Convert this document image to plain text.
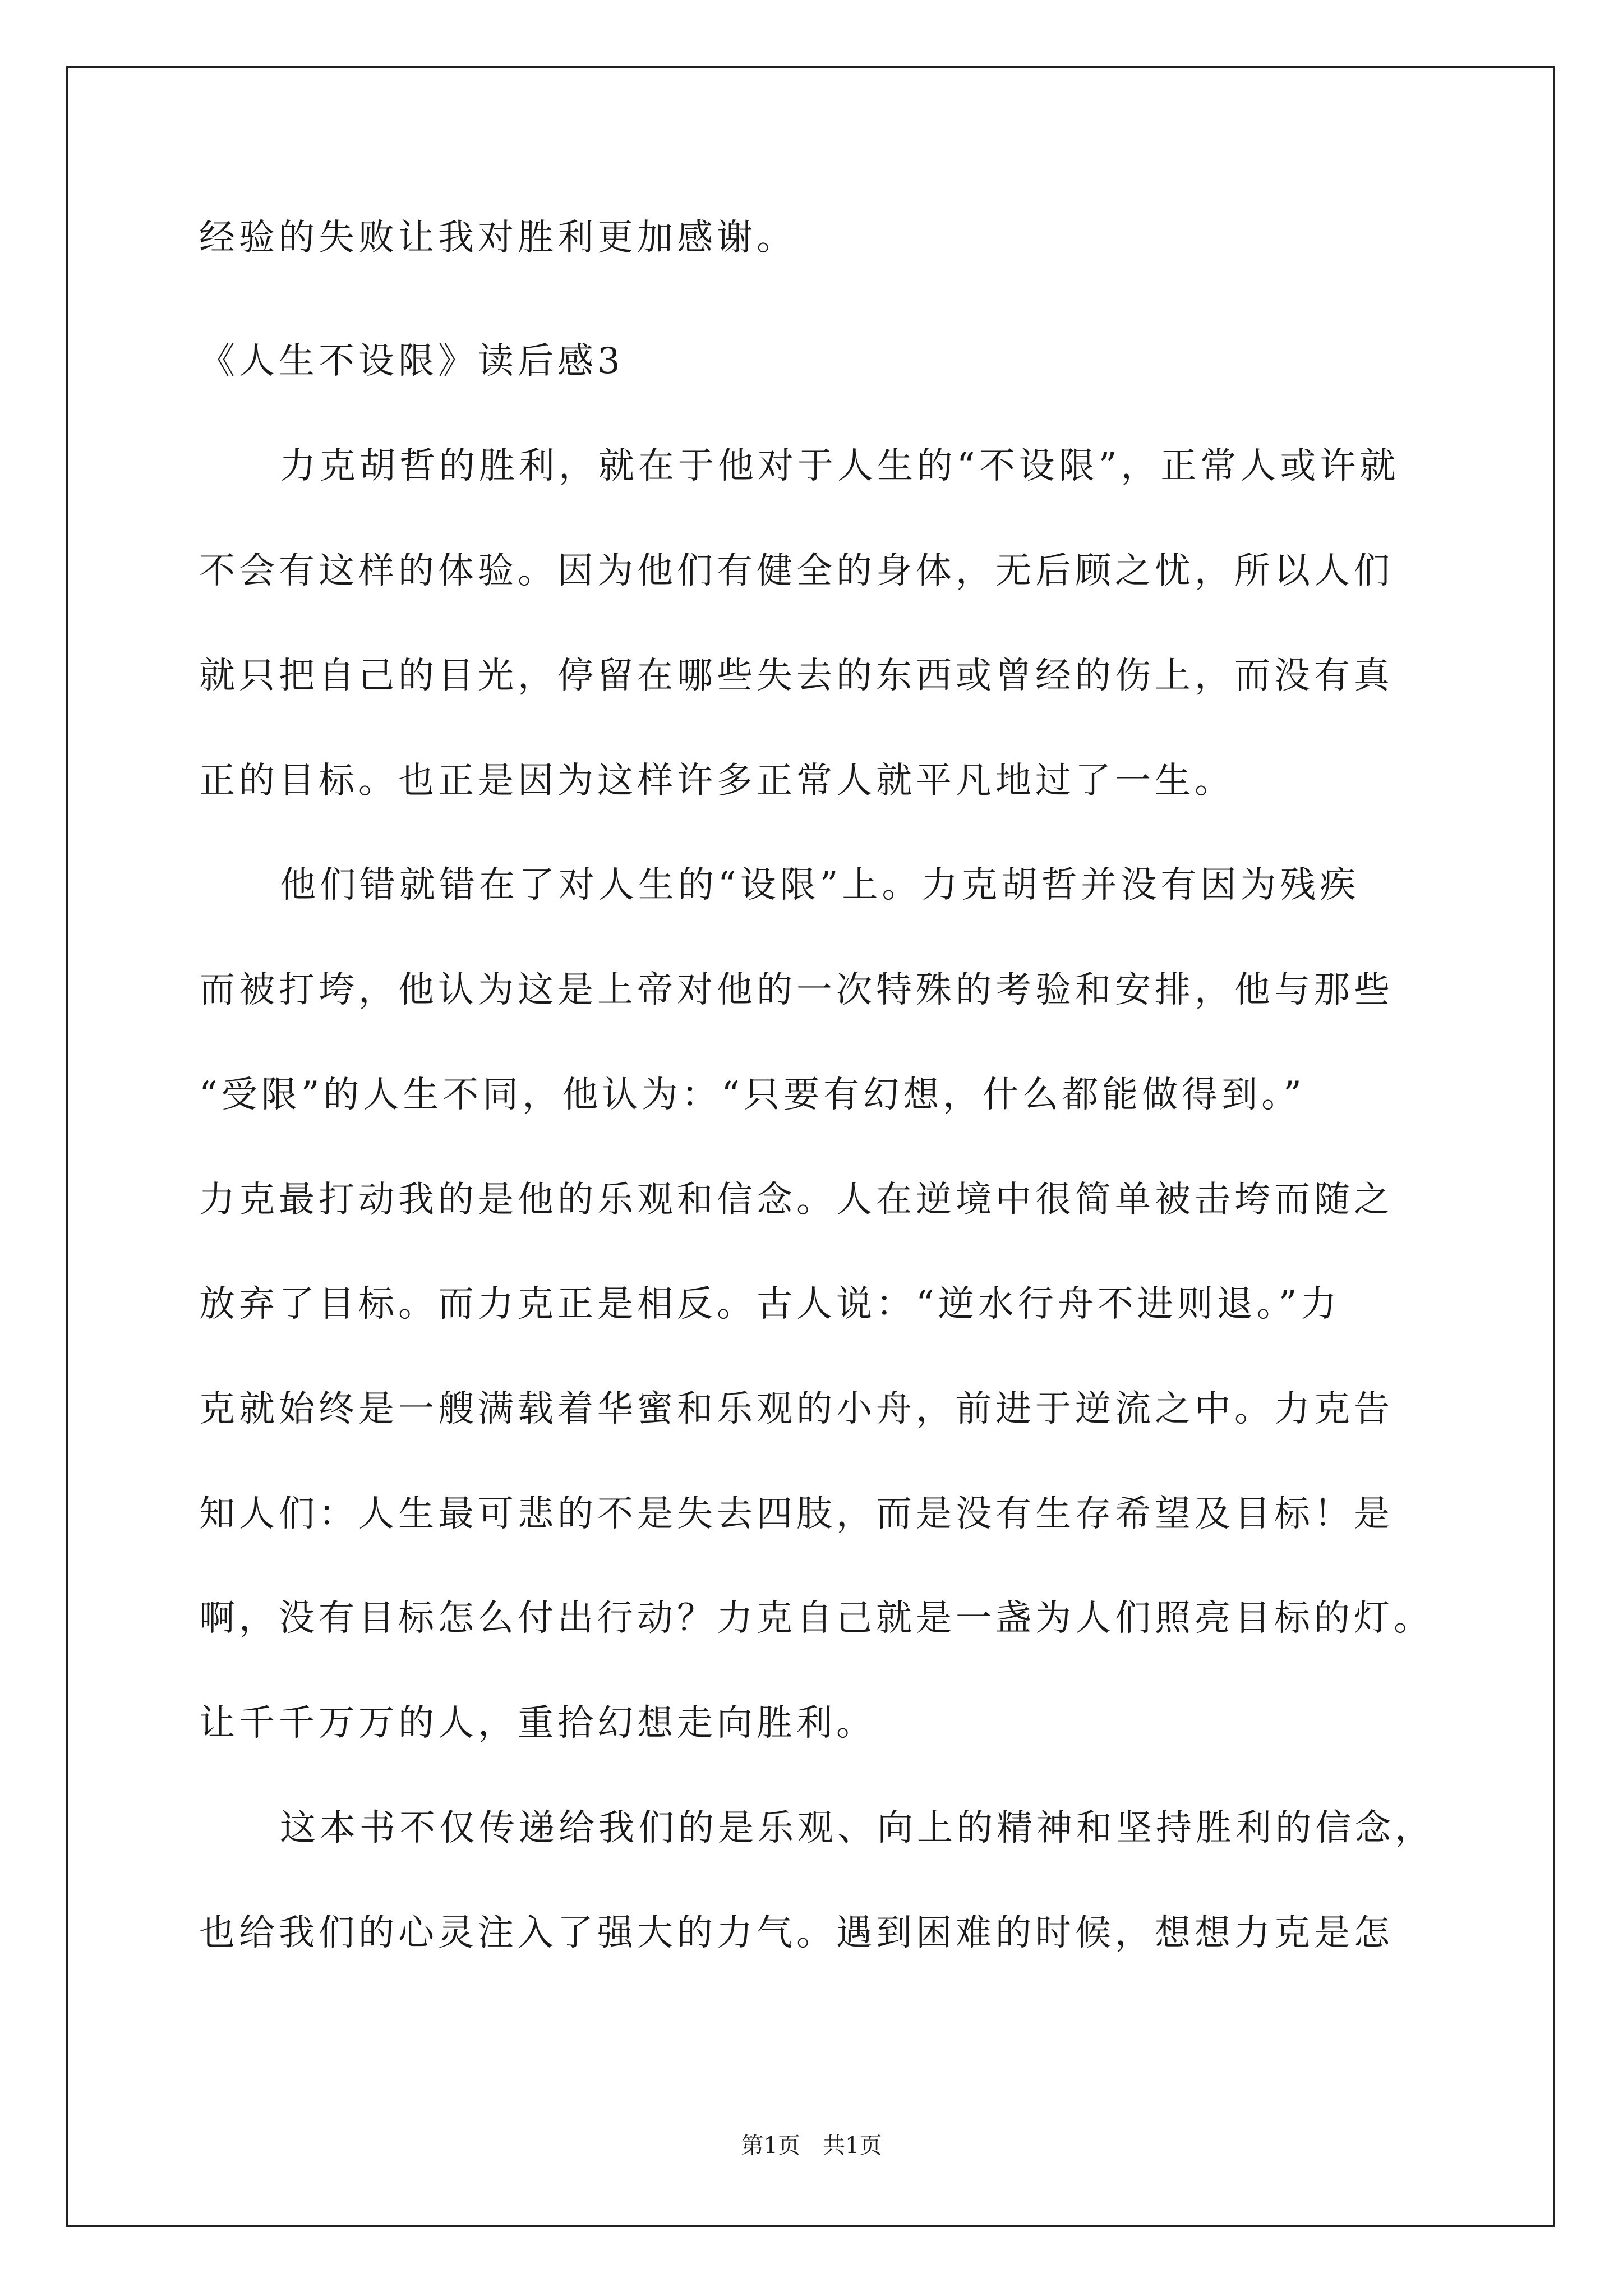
经验的失败让我对胜利更加感谢。
《人生不设限》读后感3
力克胡哲的胜利，就在于他对于人生的“不设限”，正常人或许就
不会有这样的体验。因为他们有健全的身体，无后顾之忧，所以人们
就只把自己的目光，停留在哪些失去的东西或曾经的伤上，而没有真
正的目标。也正是因为这样许多正常人就平凡地过了一生。
他们错就错在了对人生的“设限”上。力克胡哲并没有因为残疾
而被打垮，他认为这是上帝对他的一次特殊的考验和安排，他与那些
“受限”的人生不同，他认为：“只要有幻想，什么都能做得到。”
力克最打动我的是他的乐观和信念。人在逆境中很简单被击垮而随之
放弃了目标。而力克正是相反。古人说：“逆水行舟不进则退。”力
克就始终是一艘满载着华蜜和乐观的小舟，前进于逆流之中。力克告
知人们：人生最可悲的不是失去四肢，而是没有生存希望及目标！是
啊，没有目标怎么付出行动？力克自己就是一盏为人们照亮目标的灯。
让千千万万的人，重拾幻想走向胜利。
这本书不仅传递给我们的是乐观、向上的精神和坚持胜利的信念，
也给我们的心灵注入了强大的力气。遇到困难的时候，想想力克是怎
第1页 共1页
